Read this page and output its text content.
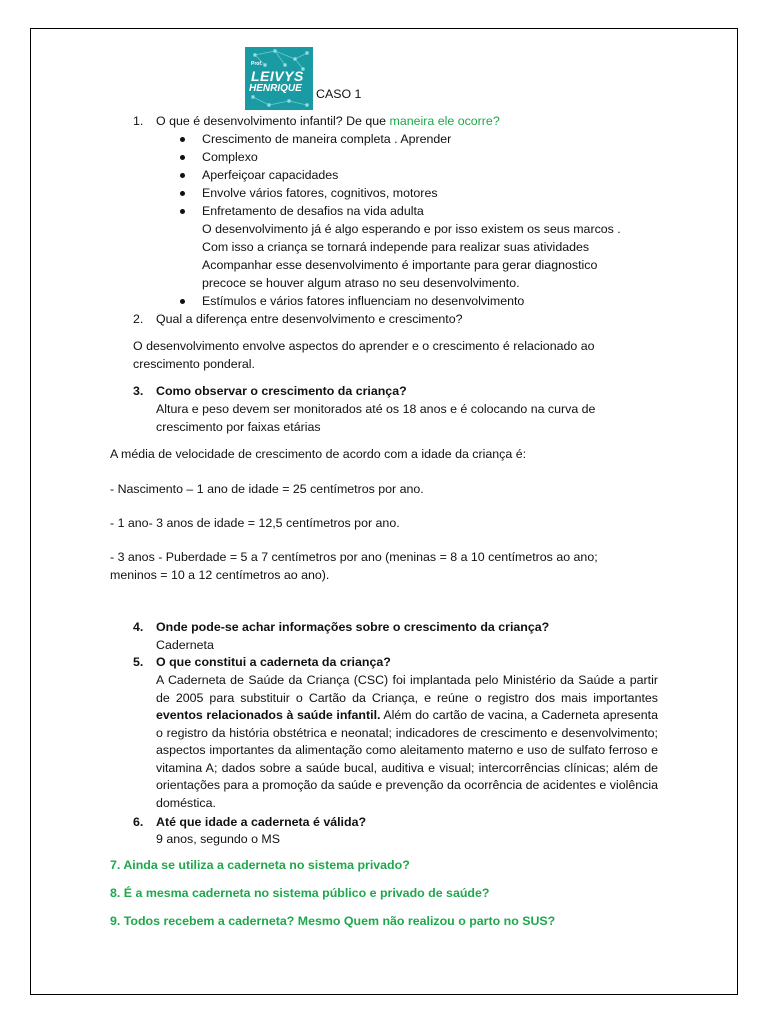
Prof.
LEIVYS
HENRIQUE CASO 1
1. O que é desenvolvimento infantil? De que maneira ele ocorre?
Crescimento de maneira completa . Aprender
Complexo
Aperfeiçoar capacidades
Envolve vários fatores, cognitivos, motores
Enfretamento de desafios na vida adulta
O desenvolvimento já é algo esperando e por isso existem os seus marcos .
Com isso a criança se tornará independe para realizar suas atividades
Acompanhar esse desenvolvimento é importante para gerar diagnostico
precoce se houver algum atraso no seu desenvolvimento.
Estímulos e vários fatores influenciam no desenvolvimento
2. Qual a diferença entre desenvolvimento e crescimento?
O desenvolvimento envolve aspectos do aprender e o crescimento é relacionado ao
crescimento ponderal.
3. Como observar o crescimento da criança?
Altura e peso devem ser monitorados até os 18 anos e é colocando na curva de
crescimento por faixas etárias
A média de velocidade de crescimento de acordo com a idade da criança é:
- Nascimento – 1 ano de idade = 25 centímetros por ano.
- 1 ano- 3 anos de idade = 12,5 centímetros por ano.
- 3 anos - Puberdade = 5 a 7 centímetros por ano (meninas = 8 a 10 centímetros ao ano;
meninos = 10 a 12 centímetros ao ano).
4. Onde pode-se achar informações sobre o crescimento da criança?
Caderneta
5. O que constitui a caderneta da criança?
A Caderneta de Saúde da Criança (CSC) foi implantada pelo Ministério da Saúde a partir de 2005 para substituir o Cartão da Criança, e reúne o registro dos mais importantes eventos relacionados à saúde infantil. Além do cartão de vacina, a Caderneta apresenta o registro da história obstétrica e neonatal; indicadores de crescimento e desenvolvimento; aspectos importantes da alimentação como aleitamento materno e uso de sulfato ferroso e vitamina A; dados sobre a saúde bucal, auditiva e visual; intercorrências clínicas; além de orientações para a promoção da saúde e prevenção da ocorrência de acidentes e violência doméstica.
6. Até que idade a caderneta é válida?
9 anos, segundo o MS
7. Ainda se utiliza a caderneta no sistema privado?
8. É a mesma caderneta no sistema público e privado de saúde?
9. Todos recebem a caderneta? Mesmo Quem não realizou o parto no SUS?
